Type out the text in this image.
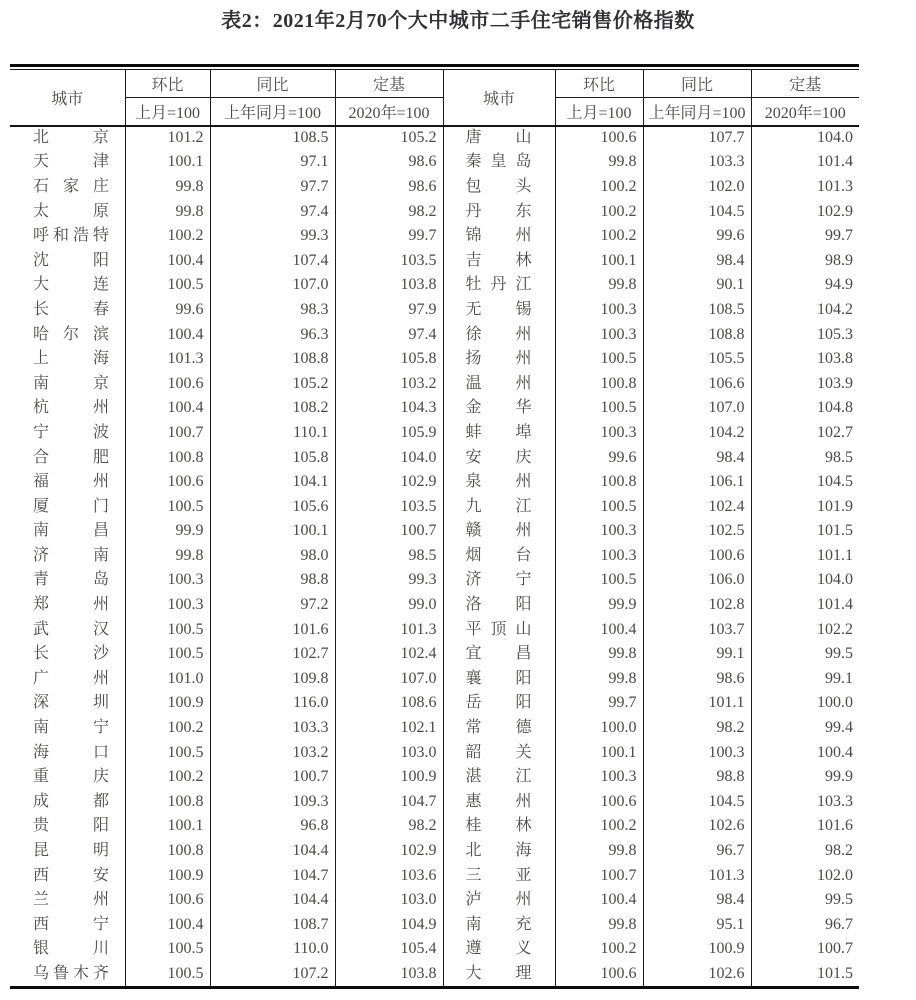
表2：2021年2月70个大中城市二手住宅销售价格指数
城市	环比	同比	定基	城市	环比	同比	定基
	上月=100	上年同月=100	2020年=100		上月=100	上年同月=100	2020年=100
北京	101.2	108.5	105.2	唐山	100.6	107.7	104.0
天津	100.1	97.1	98.6	秦皇岛	99.8	103.3	101.4
石家庄	99.8	97.7	98.6	包头	100.2	102.0	101.3
太原	99.8	97.4	98.2	丹东	100.2	104.5	102.9
呼和浩特	100.2	99.3	99.7	锦州	100.2	99.6	99.7
沈阳	100.4	107.4	103.5	吉林	100.1	98.4	98.9
大连	100.5	107.0	103.8	牡丹江	99.8	90.1	94.9
长春	99.6	98.3	97.9	无锡	100.3	108.5	104.2
哈尔滨	100.4	96.3	97.4	徐州	100.3	108.8	105.3
上海	101.3	108.8	105.8	扬州	100.5	105.5	103.8
南京	100.6	105.2	103.2	温州	100.8	106.6	103.9
杭州	100.4	108.2	104.3	金华	100.5	107.0	104.8
宁波	100.7	110.1	105.9	蚌埠	100.3	104.2	102.7
合肥	100.8	105.8	104.0	安庆	99.6	98.4	98.5
福州	100.6	104.1	102.9	泉州	100.8	106.1	104.5
厦门	100.5	105.6	103.5	九江	100.5	102.4	101.9
南昌	99.9	100.1	100.7	赣州	100.3	102.5	101.5
济南	99.8	98.0	98.5	烟台	100.3	100.6	101.1
青岛	100.3	98.8	99.3	济宁	100.5	106.0	104.0
郑州	100.3	97.2	99.0	洛阳	99.9	102.8	101.4
武汉	100.5	101.6	101.3	平顶山	100.4	103.7	102.2
长沙	100.5	102.7	102.4	宜昌	99.8	99.1	99.5
广州	101.0	109.8	107.0	襄阳	99.8	98.6	99.1
深圳	100.9	116.0	108.6	岳阳	99.7	101.1	100.0
南宁	100.2	103.3	102.1	常德	100.0	98.2	99.4
海口	100.5	103.2	103.0	韶关	100.1	100.3	100.4
重庆	100.2	100.7	100.9	湛江	100.3	98.8	99.9
成都	100.8	109.3	104.7	惠州	100.6	104.5	103.3
贵阳	100.1	96.8	98.2	桂林	100.2	102.6	101.6
昆明	100.8	104.4	102.9	北海	99.8	96.7	98.2
西安	100.9	104.7	103.6	三亚	100.7	101.3	102.0
兰州	100.6	104.4	103.0	泸州	100.4	98.4	99.5
西宁	100.4	108.7	104.9	南充	99.8	95.1	96.7
银川	100.5	110.0	105.4	遵义	100.2	100.9	100.7
乌鲁木齐	100.5	107.2	103.8	大理	100.6	102.6	101.5
